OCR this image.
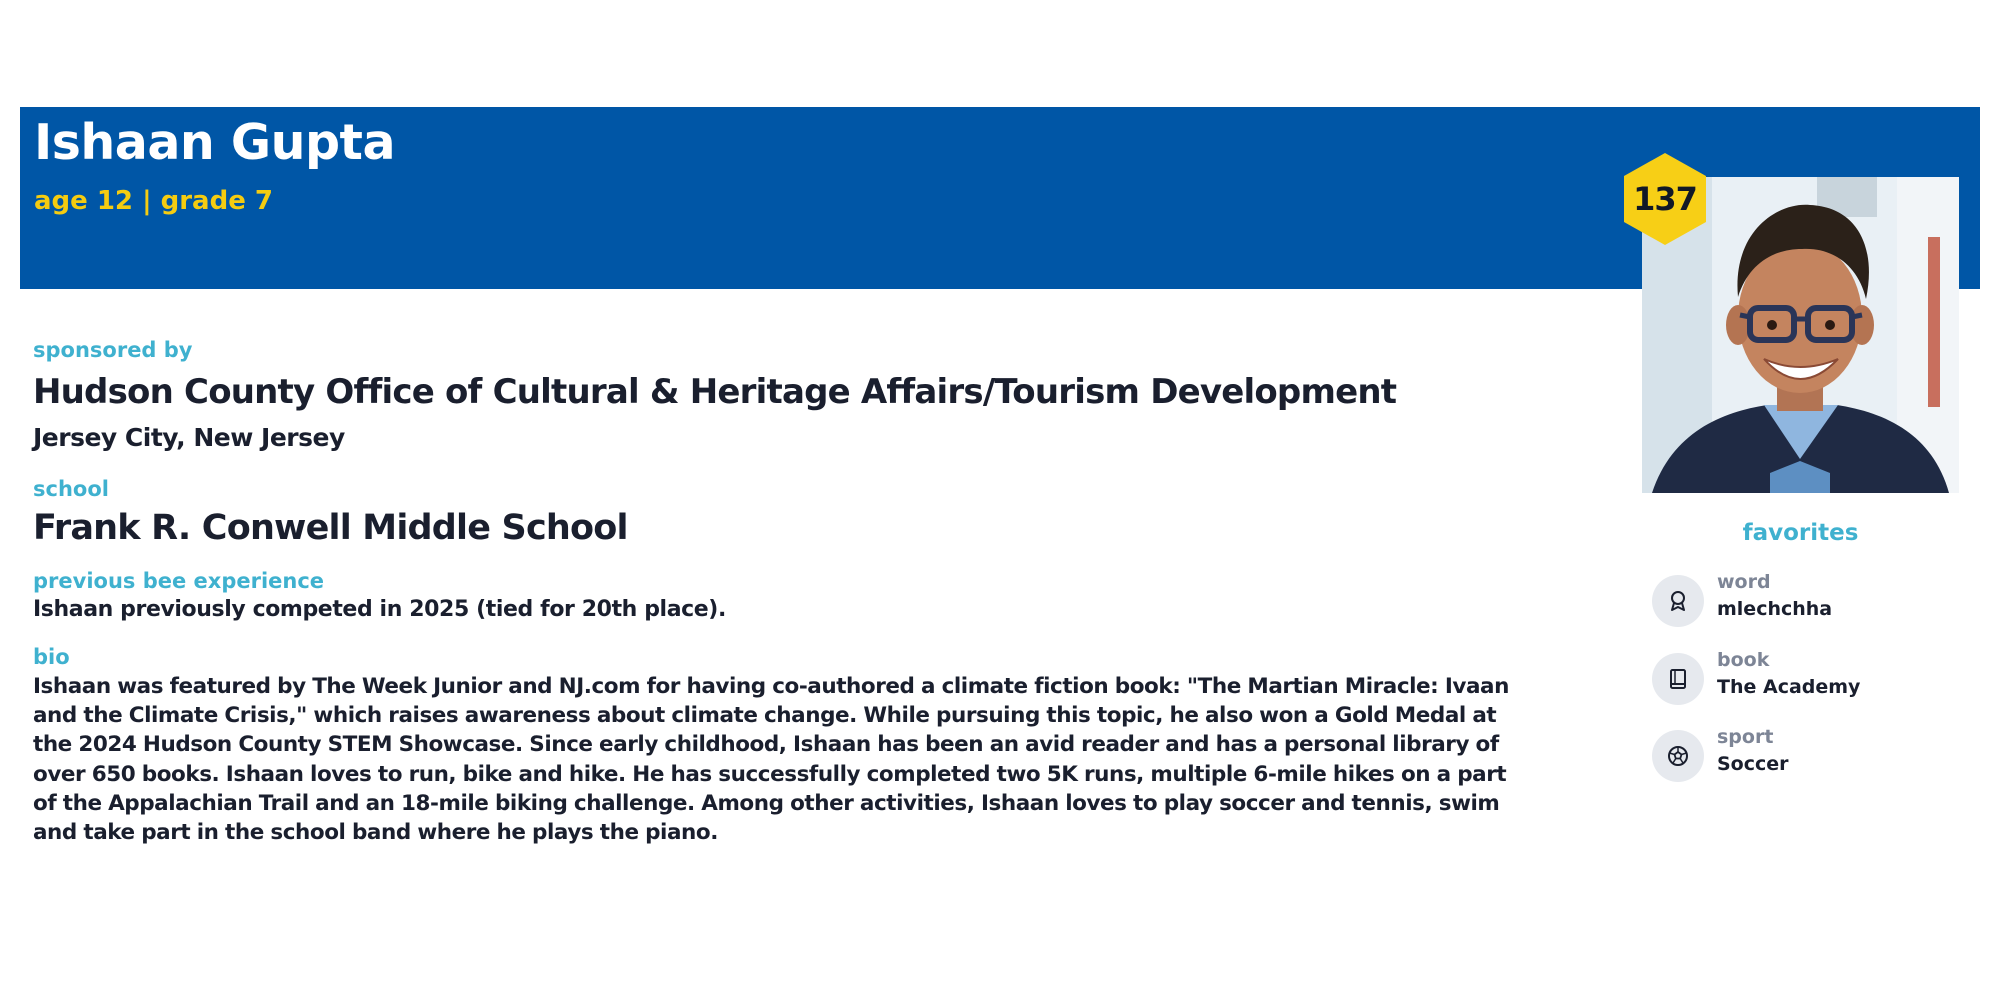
Ishaan Gupta
age 12 | grade 7	137
sponsored by
Hudson County Office of Cultural & Heritage Affairs/Tourism Development
Jersey City, New Jersey
school
Frank R. Conwell Middle School
previous bee experience
Ishaan previously competed in 2025 (tied for 20th place).
bio

Ishaan was featured by The Week Junior and NJ.com for having co-authored a climate fiction book: "The Martian Miracle: Ivaan and the Climate Crisis," which raises awareness about climate change. While pursuing this topic, he also won a Gold Medal at the 2024 Hudson County STEM Showcase. Since early childhood, Ishaan has been an avid reader and has a personal library of over 650 books. Ishaan loves to run, bike and hike. He has successfully completed two 5K runs, multiple 6-mile hikes on a part of the Appalachian Trail and an 18-mile biking challenge. Among other activities, Ishaan loves to play soccer and tennis, swim and take part in the school band where he plays the piano.

favorites
word
mlechchha
book
The Academy
sport
Soccer
